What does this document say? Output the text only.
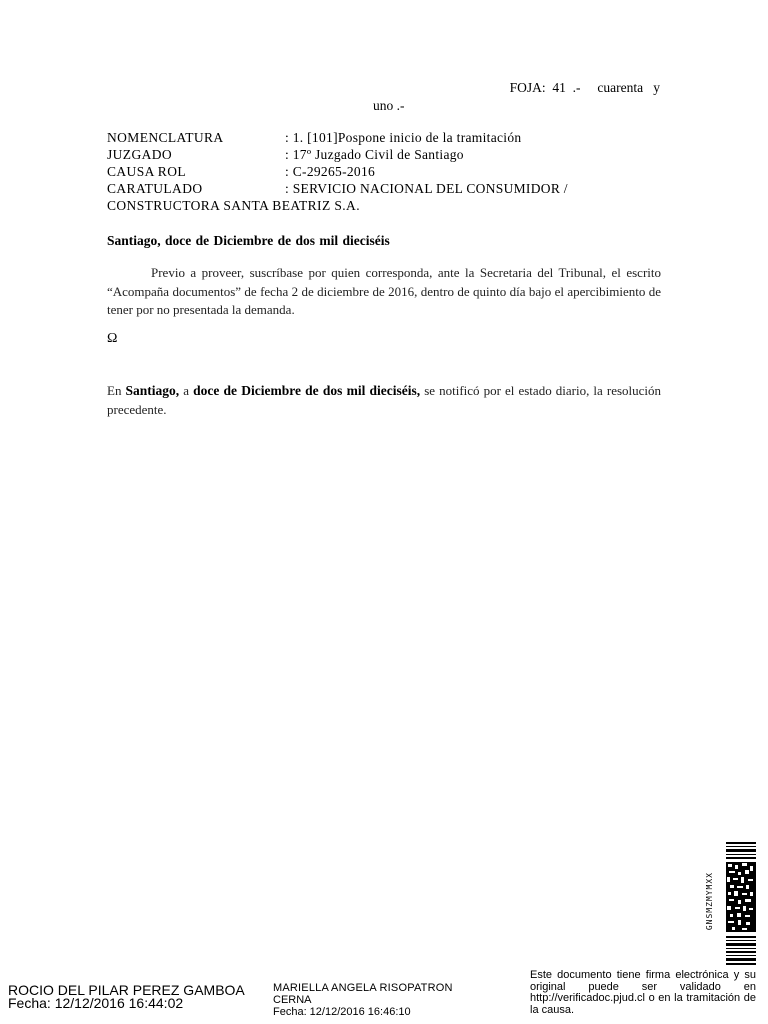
FOJA: 41 .- cuarenta y
uno .-
NOMENCLATURA	: 1. [101]Pospone inicio de la tramitación
JUZGADO	: 17º Juzgado Civil de Santiago
CAUSA ROL	: C-29265-2016
CARATULADO	: SERVICIO NACIONAL DEL CONSUMIDOR /
CONSTRUCTORA SANTA BEATRIZ S.A.
Santiago, doce de Diciembre de dos mil dieciséis
Previo a proveer, suscríbase por quien corresponda, ante la Secretaria del Tribunal, el escrito “Acompaña documentos” de fecha 2 de diciembre de 2016, dentro de quinto día bajo el apercibimiento de tener por no presentada la demanda.
Ω
En Santiago, a doce de Diciembre de dos mil dieciséis, se notificó por el estado diario, la resolución precedente.
GNSMZMYMXX
ROCIO DEL PILAR PEREZ GAMBOA
Fecha: 12/12/2016 16:44:02
MARIELLA ANGELA RISOPATRON
CERNA
Fecha: 12/12/2016 16:46:10
Este documento tiene firma electrónica y su original puede ser validado en http://verificadoc.pjud.cl o en la tramitación de la causa.
